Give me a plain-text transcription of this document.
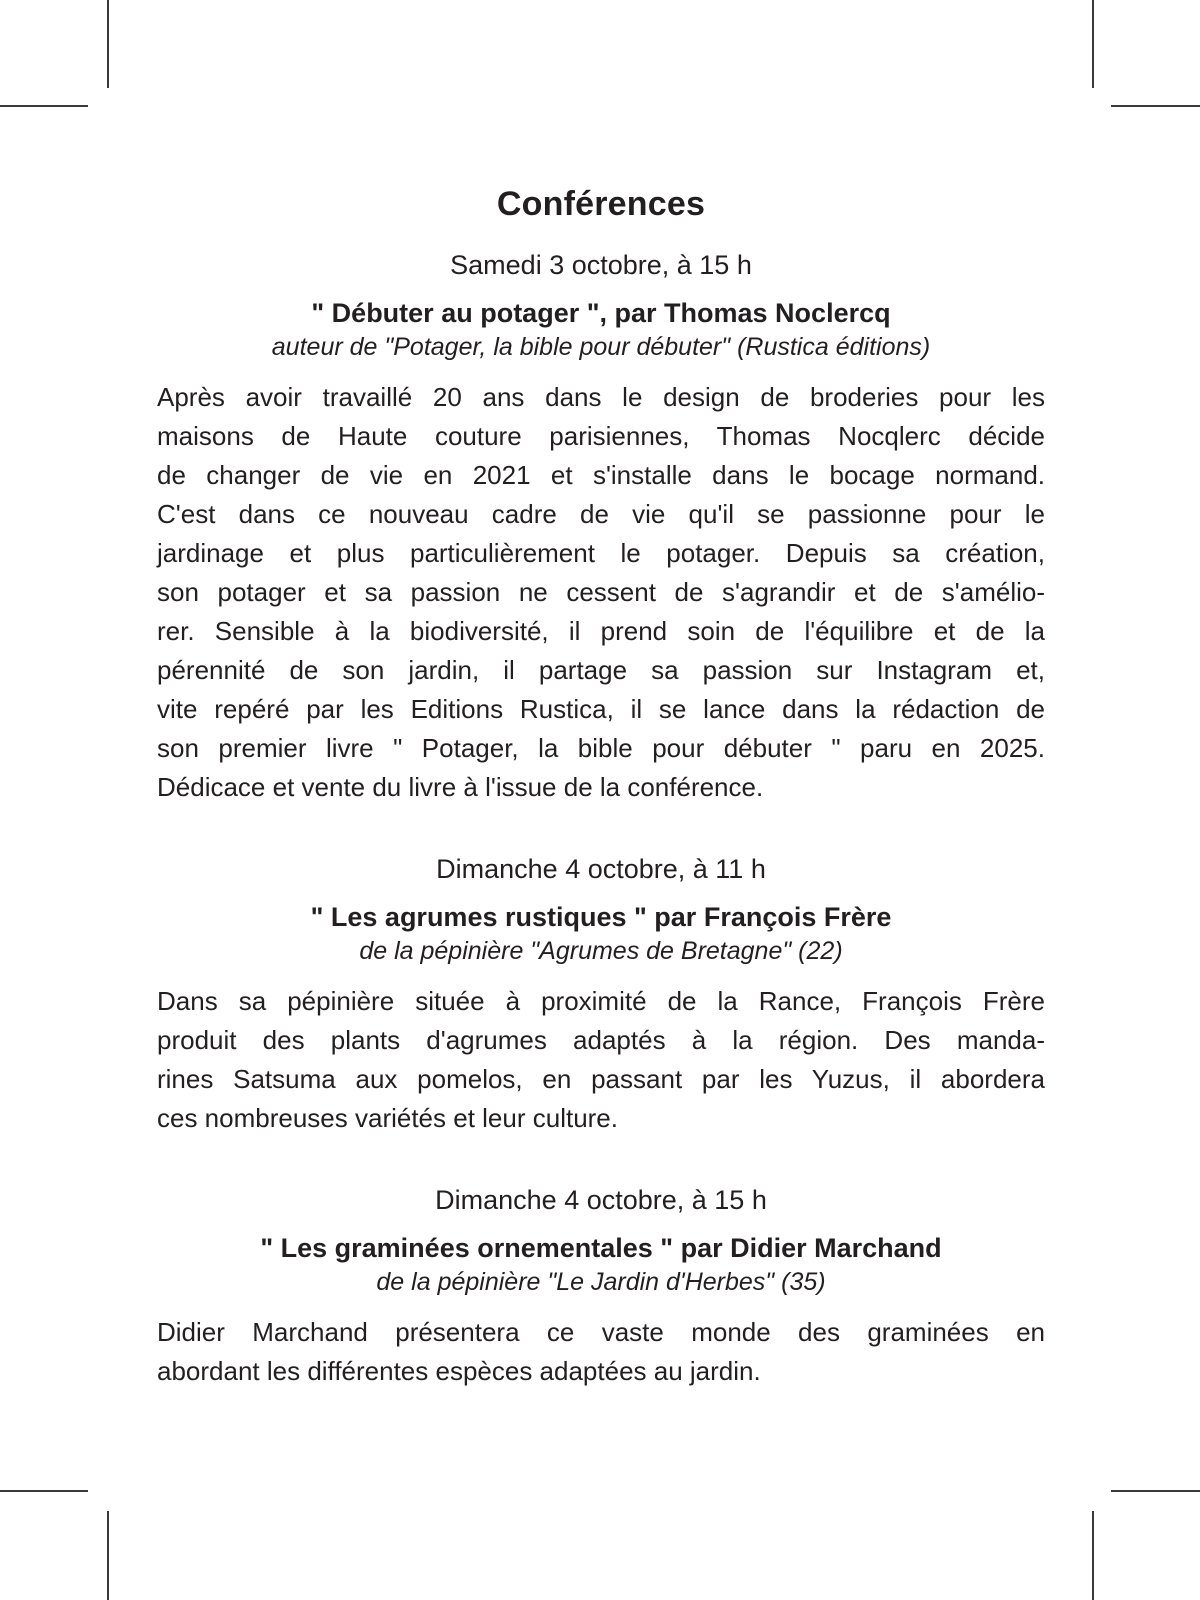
Conférences

Samedi 3 octobre, à 15 h

" Débuter au potager ", par Thomas Noclercq

auteur de "Potager, la bible pour débuter" (Rustica éditions)

Après avoir travaillé 20 ans dans le design de broderies pour les
maisons de Haute couture parisiennes, Thomas Nocqlerc décide
de changer de vie en 2021 et s'installe dans le bocage normand.
C'est dans ce nouveau cadre de vie qu'il se passionne pour le
jardinage et plus particulièrement le potager. Depuis sa création,
son potager et sa passion ne cessent de s'agrandir et de s'amélio-
rer. Sensible à la biodiversité, il prend soin de l'équilibre et de la
pérennité de son jardin, il partage sa passion sur Instagram et,
vite repéré par les Editions Rustica, il se lance dans la rédaction de
son premier livre " Potager, la bible pour débuter " paru en 2025.
Dédicace et vente du livre à l'issue de la conférence.

Dimanche 4 octobre, à 11 h

" Les agrumes rustiques " par François Frère

de la pépinière "Agrumes de Bretagne" (22)

Dans sa pépinière située à proximité de la Rance, François Frère
produit des plants d'agrumes adaptés à la région. Des manda-
rines Satsuma aux pomelos, en passant par les Yuzus, il abordera
ces nombreuses variétés et leur culture.

Dimanche 4 octobre, à 15 h

" Les graminées ornementales " par Didier Marchand

de la pépinière "Le Jardin d'Herbes" (35)

Didier Marchand présentera ce vaste monde des graminées en
abordant les différentes espèces adaptées au jardin.
